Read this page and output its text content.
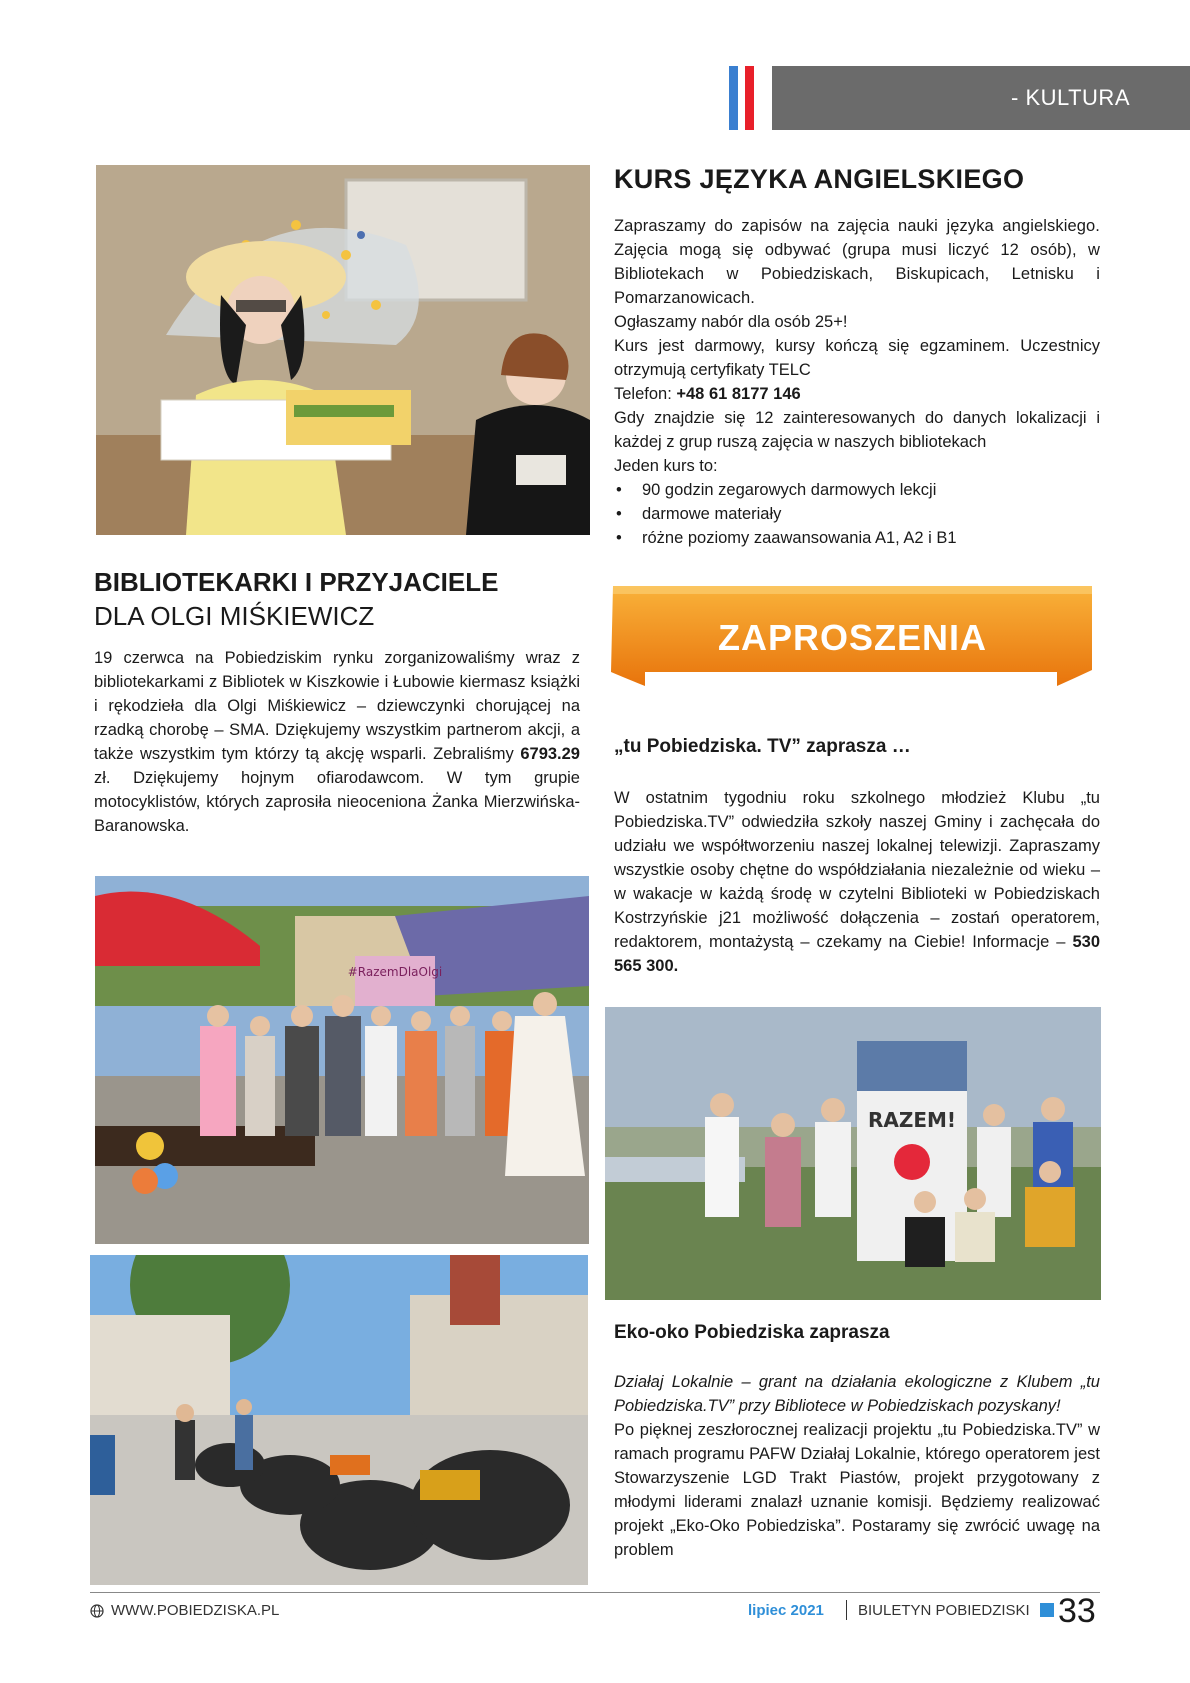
- KULTURA
KURS JĘZYKA ANGIELSKIEGO

Zapraszamy do zapisów na zajęcia nauki języka angielskiego. Zajęcia mogą się odbywać (grupa musi liczyć 12 osób), w Bibliotekach w Pobiedziskach, Biskupicach, Letnisku i Pomarzanowicach.

Ogłaszamy nabór dla osób 25+!

Kurs jest darmowy, kursy kończą się egzaminem. Uczestnicy otrzymują certyfikaty TELC

Telefon: +48 61 8177 146

Gdy znajdzie się 12 zainteresowanych do danych lokalizacji i każdej z grup ruszą zajęcia w naszych bibliotekach

Jeden kurs to:

• 90 godzin zegarowych darmowych lekcji
• darmowe materiały
• różne poziomy zaawansowania A1, A2 i B1
BIBLIOTEKARKI I PRZYJACIELE
DLA OLGI MIŚKIEWICZ

19 czerwca na Pobiedziskim rynku zorganizowaliśmy wraz z bibliotekarkami z Bibliotek w Kiszkowie i Łubowie kiermasz książki i rękodzieła dla Olgi Miśkiewicz – dziewczynki chorującej na rzadką chorobę – SMA. Dziękujemy wszystkim partnerom akcji, a także wszystkim tym którzy tą akcję wsparli. Zebraliśmy 6793.29 zł. Dziękujemy hojnym ofiarodawcom. W tym grupie motocyklistów, których zaprosiła nieoceniona Żanka Mierzwińska-Baranowska.

ZAPROSZENIA
„tu Pobiedziska. TV” zaprasza …

W ostatnim tygodniu roku szkolnego młodzież Klubu „tu Pobiedziska.TV” odwiedziła szkoły naszej Gminy i zachęcała do udziału we współtworzeniu naszej lokalnej telewizji. Zapraszamy wszystkie osoby chętne do współdziałania niezależnie od wieku – w wakacje w każdą środę w czytelni Biblioteki w Pobiedziskach Kostrzyńskie j21 możliwość dołączenia – zostań operatorem, redaktorem, montażystą – czekamy na Ciebie! Informacje – 530 565 300.

#RazemDlaOlgi
RAZEM!
Eko-oko Pobiedziska zaprasza

Działaj Lokalnie – grant na działania ekologiczne z Klubem „tu Pobiedziska.TV” przy Bibliotece w Pobiedziskach pozyskany!

Po pięknej zeszłorocznej realizacji projektu „tu Pobiedziska.TV” w ramach programu PAFW Działaj Lokalnie, którego operatorem jest Stowarzyszenie LGD Trakt Piastów, projekt przygotowany z młodymi liderami znalazł uznanie komisji. Będziemy realizować projekt „Eko-Oko Pobiedziska”. Postaramy się zwrócić uwagę na problem

WWW.POBIEDZISKA.PL	lipiec 2021 BIULETYN POBIEDZISKI 33
